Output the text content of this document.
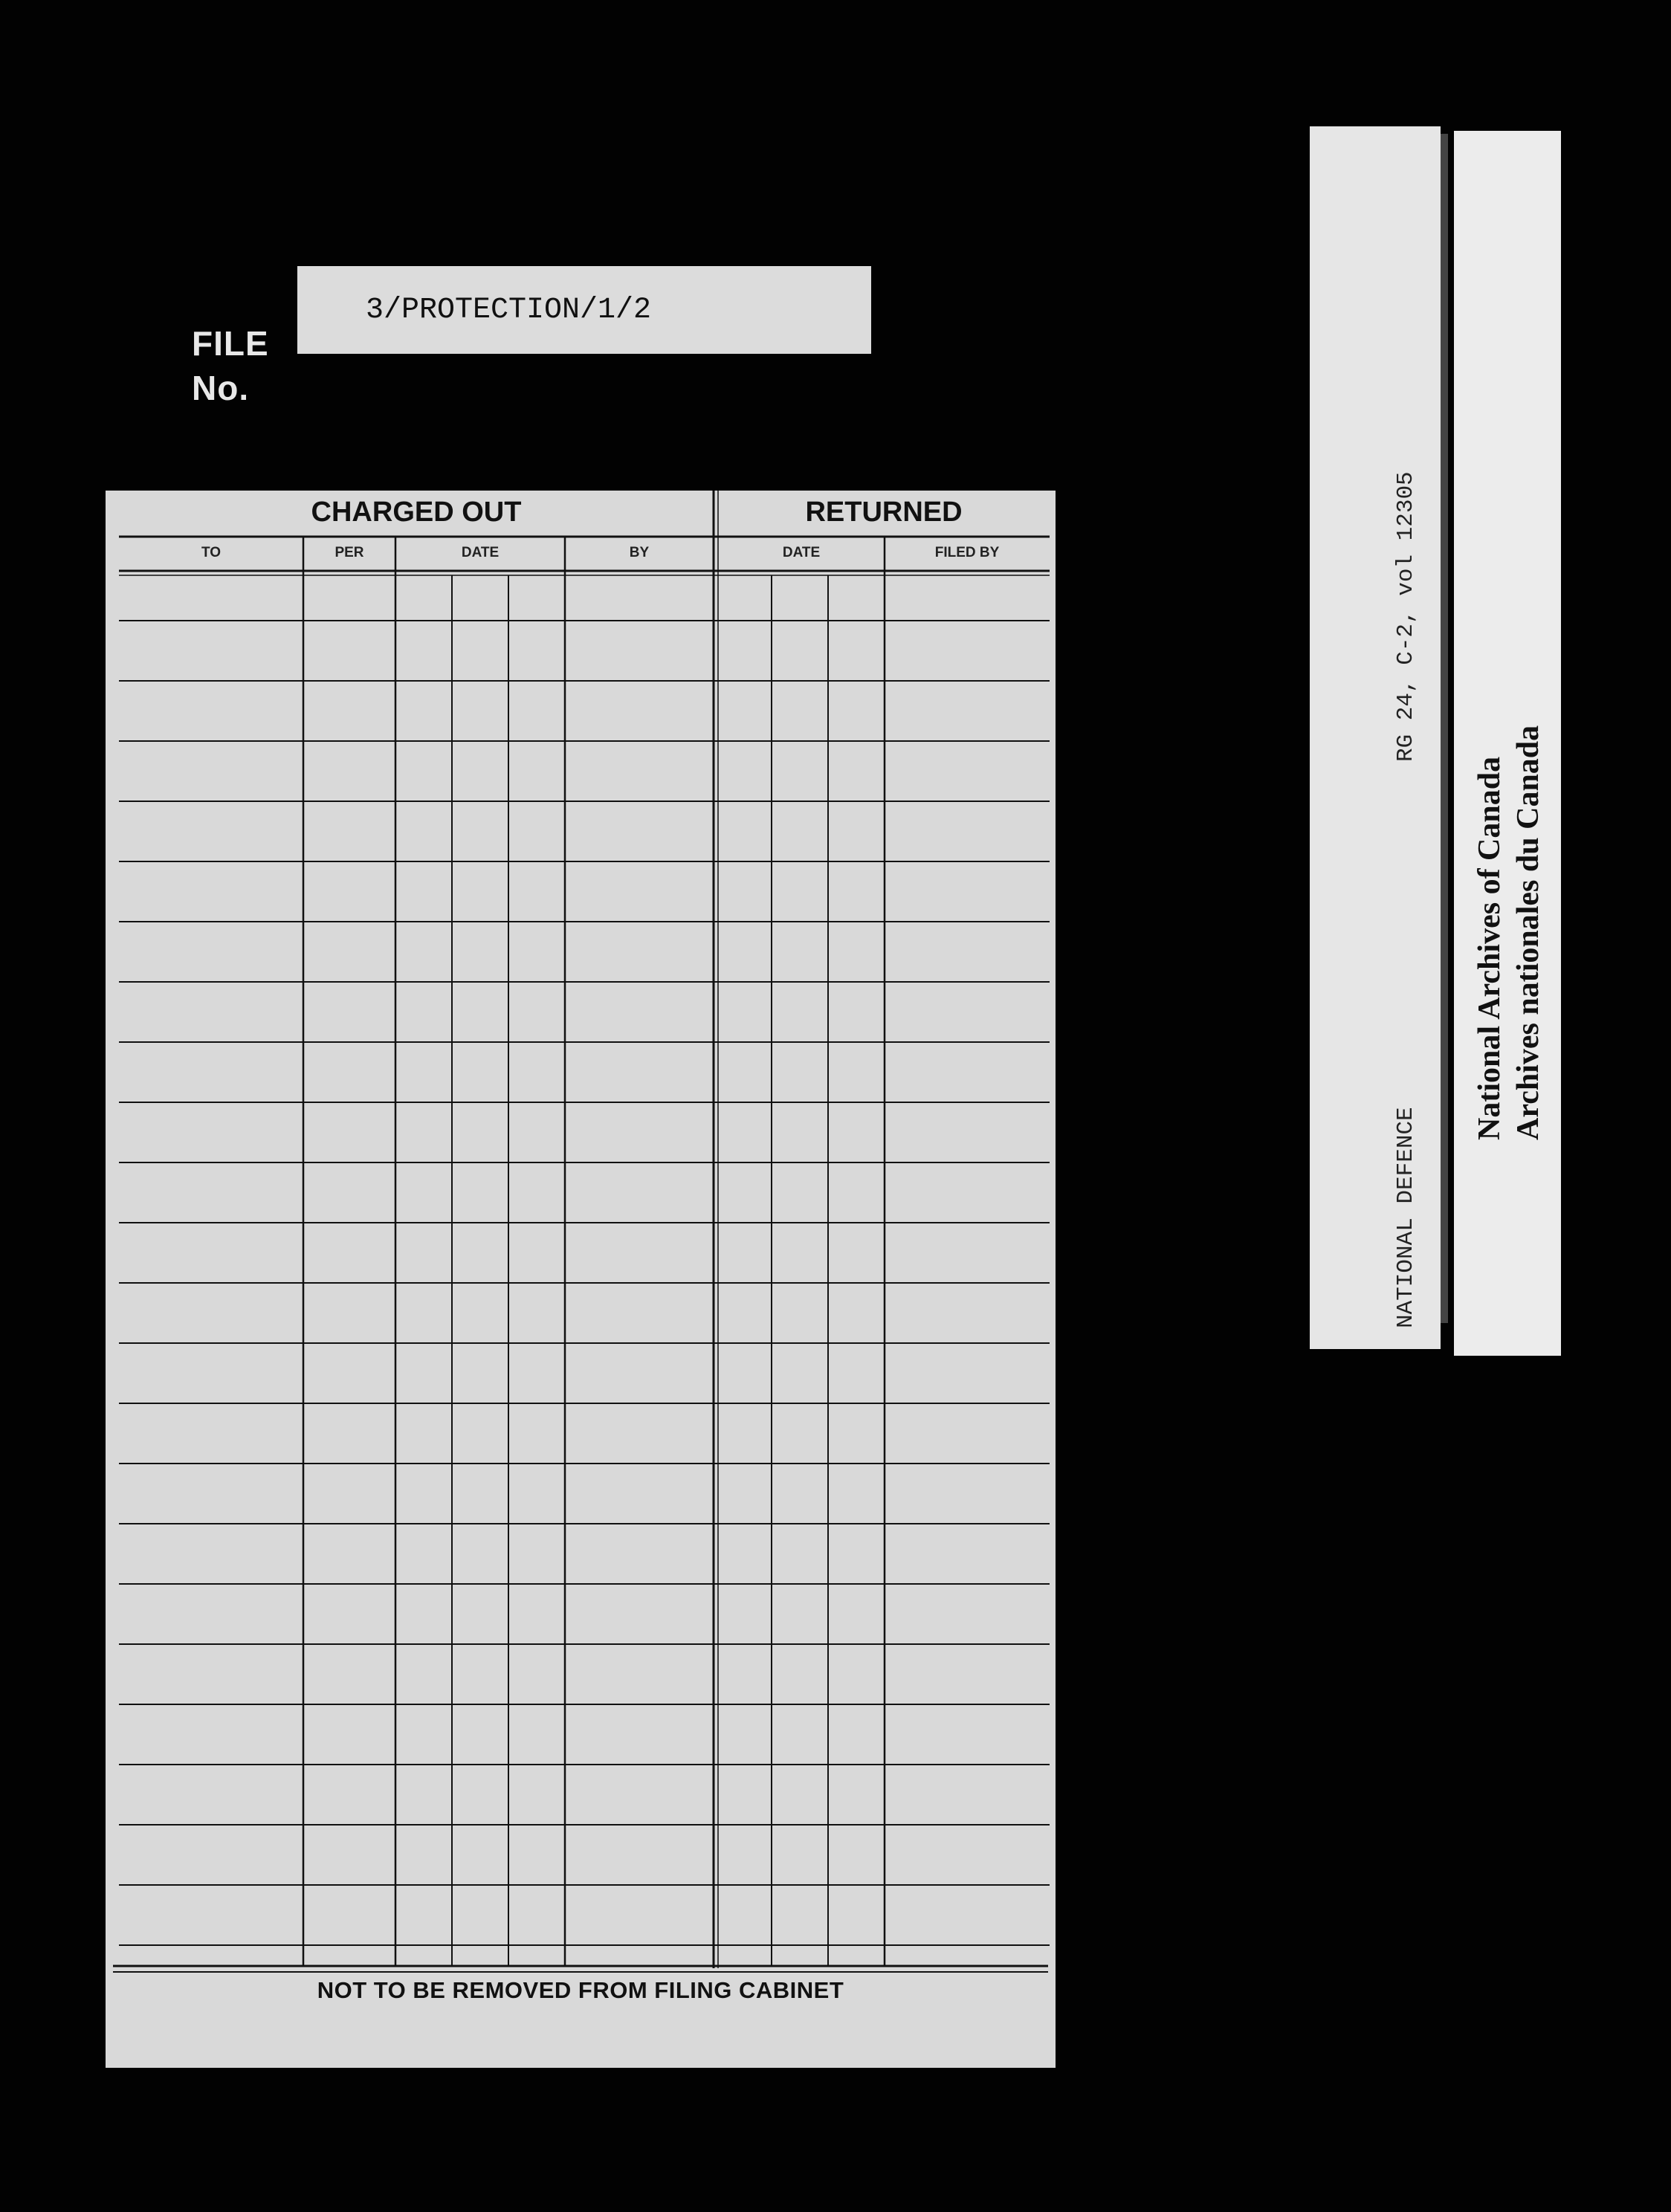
FILE
No.
3/PROTECTION/1/2
CHARGED OUT	RETURNED
TO	PER	DATE	BY	DATE	FILED BY
NOT TO BE REMOVED FROM FILING CABINET

NATIONAL DEFENCE

RG 24, C-2, vol 12305

National Archives of Canada Archives nationales du Canada
